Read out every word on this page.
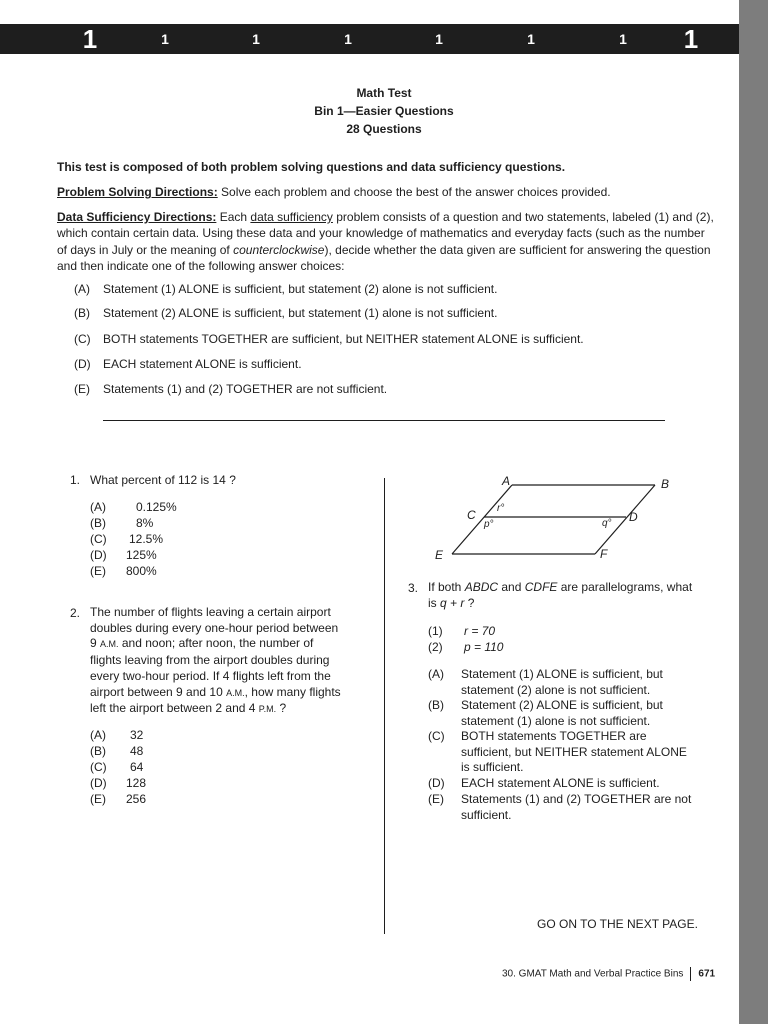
1	1	1	1	1	1	1 1
Math Test
Bin 1—Easier Questions
28 Questions
This test is composed of both problem solving questions and data sufficiency questions.
Problem Solving Directions: Solve each problem and choose the best of the answer choices provided.
Data Sufficiency Directions: Each data sufficiency problem consists of a question and two statements, labeled (1) and (2), which contain certain data. Using these data and your knowledge of mathematics and everyday facts (such as the number of days in July or the meaning of counterclockwise), decide whether the data given are sufficient for answering the question and then indicate one of the following answer choices:
(A) Statement (1) ALONE is sufficient, but statement (2) alone is not sufficient.
(B) Statement (2) ALONE is sufficient, but statement (1) alone is not sufficient.
(C) BOTH statements TOGETHER are sufficient, but NEITHER statement ALONE is sufficient.
(D) EACH statement ALONE is sufficient.
(E) Statements (1) and (2) TOGETHER are not sufficient.
1. What percent of 112 is 14 ?
(A)	0.125%
(B)	8%
(C) 12.5%
(D) 125%
(E) 800%
2. The number of flights leaving a certain airport
doubles during every one-hour period between
9 A.M. and noon; after noon, the number of
flights leaving from the airport doubles during
every two-hour period. If 4 flights left from the
airport between 9 and 10 A.M., how many flights
left the airport between 2 and 4 P.M. ?
(A) 32
(B) 48
(C) 64
(D) 128
(E) 256
A	B
C	D
E	F
r°
p°	q°
3. If both ABDC and CDFE are parallelograms, what
is q + r ?
(1) r = 70
(2) p = 110
(A) Statement (1) ALONE is sufficient, but
statement (2) alone is not sufficient.
(B) Statement (2) ALONE is sufficient, but
statement (1) alone is not sufficient.
(C) BOTH statements TOGETHER are
sufficient, but NEITHER statement ALONE
is sufficient.
(D) EACH statement ALONE is sufficient.
(E) Statements (1) and (2) TOGETHER are not
sufficient.
GO ON TO THE NEXT PAGE.
30. GMAT Math and Verbal Practice Bins 671
